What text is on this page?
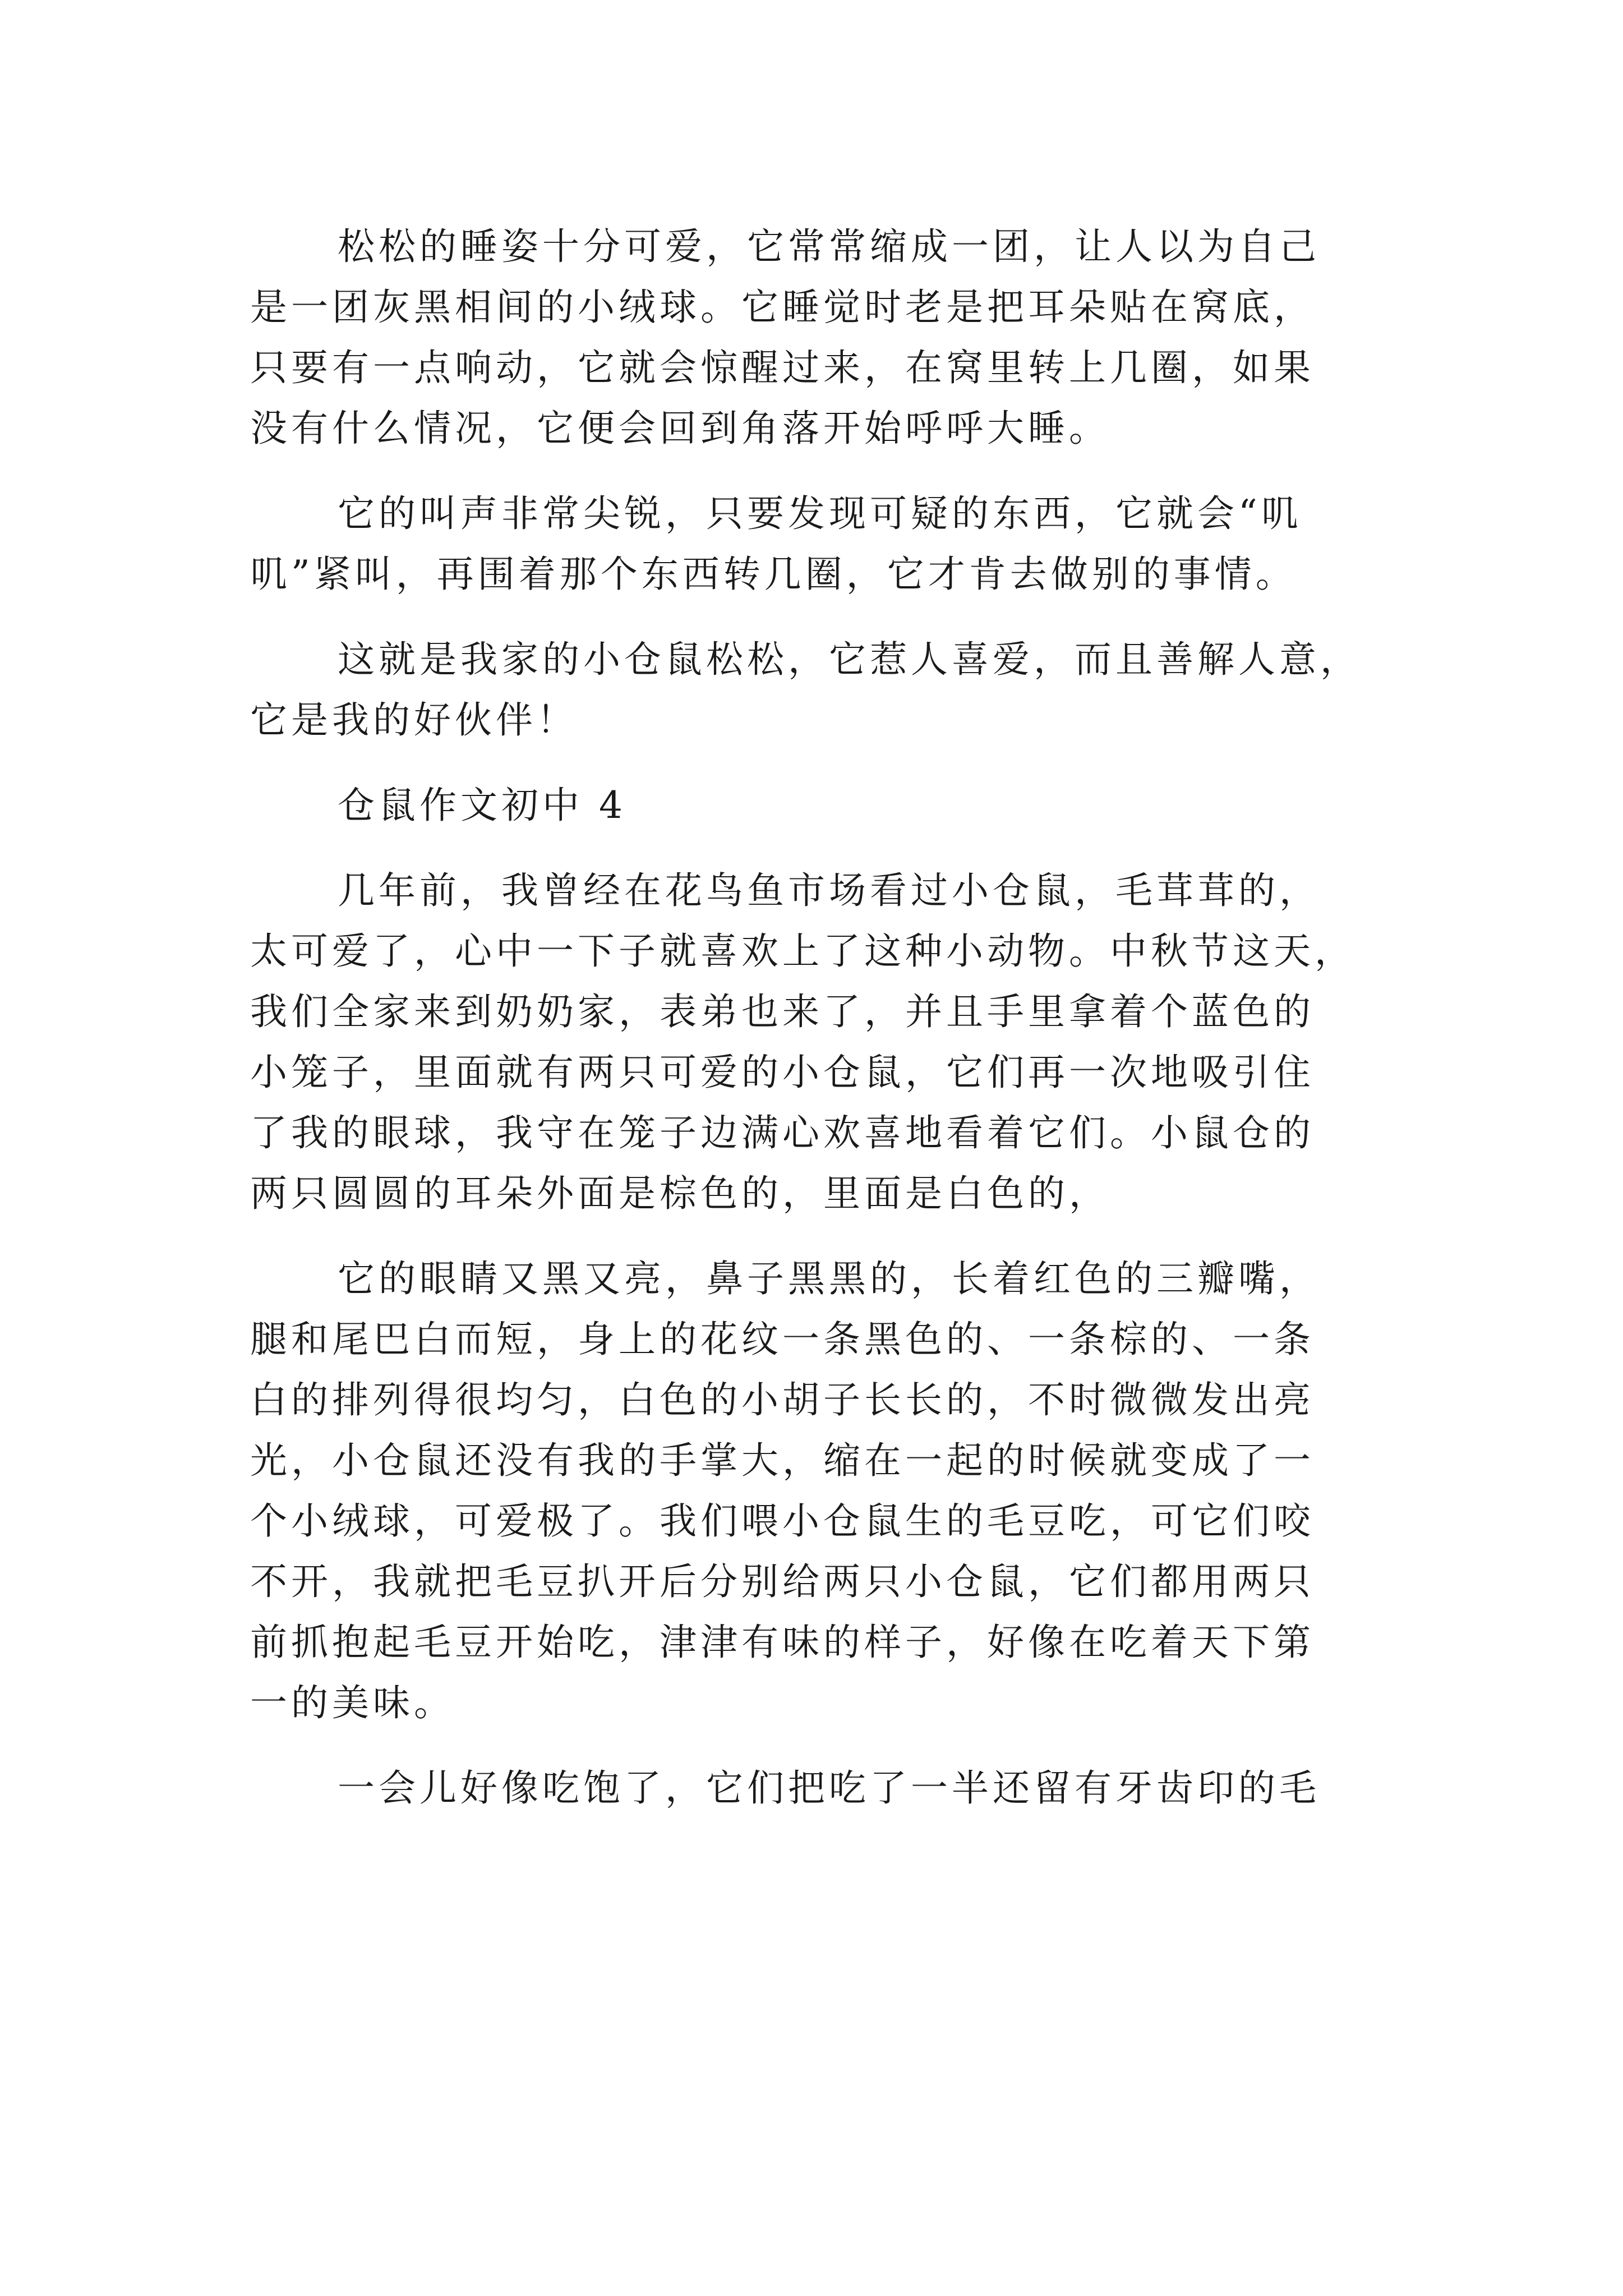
松松的睡姿十分可爱，它常常缩成一团，让人以为自己
是一团灰黑相间的小绒球。它睡觉时老是把耳朵贴在窝底，
只要有一点响动，它就会惊醒过来，在窝里转上几圈，如果
没有什么情况，它便会回到角落开始呼呼大睡。

它的叫声非常尖锐，只要发现可疑的东西，它就会“叽
叽”紧叫，再围着那个东西转几圈，它才肯去做别的事情。

这就是我家的小仓鼠松松，它惹人喜爱，而且善解人意，
它是我的好伙伴！

仓鼠作文初中 4

几年前，我曾经在花鸟鱼市场看过小仓鼠，毛茸茸的，
太可爱了，心中一下子就喜欢上了这种小动物。中秋节这天，
我们全家来到奶奶家，表弟也来了，并且手里拿着个蓝色的
小笼子，里面就有两只可爱的小仓鼠，它们再一次地吸引住
了我的眼球，我守在笼子边满心欢喜地看着它们。小鼠仓的
两只圆圆的耳朵外面是棕色的，里面是白色的，

它的眼睛又黑又亮，鼻子黑黑的，长着红色的三瓣嘴，
腿和尾巴白而短，身上的花纹一条黑色的、一条棕的、一条
白的排列得很均匀，白色的小胡子长长的，不时微微发出亮
光，小仓鼠还没有我的手掌大，缩在一起的时候就变成了一
个小绒球，可爱极了。我们喂小仓鼠生的毛豆吃，可它们咬
不开，我就把毛豆扒开后分别给两只小仓鼠，它们都用两只
前抓抱起毛豆开始吃，津津有味的样子，好像在吃着天下第
一的美味。

一会儿好像吃饱了，它们把吃了一半还留有牙齿印的毛
